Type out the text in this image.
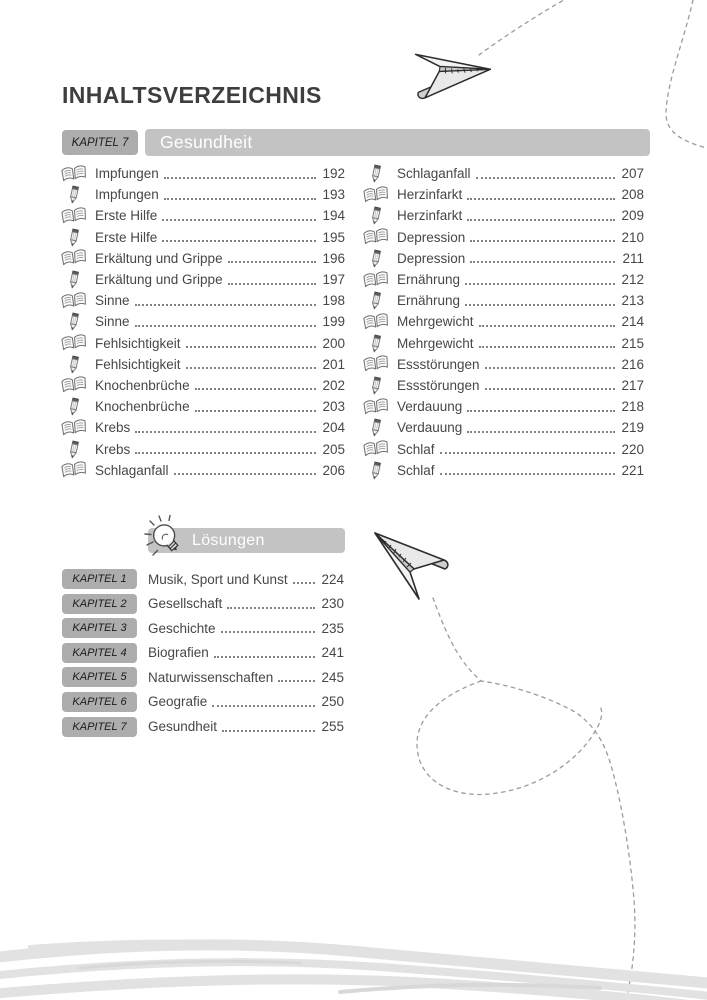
INHALTSVERZEICHNIS
KAPITEL 7	Gesundheit
Impfungen	192
Impfungen	193
Erste Hilfe	194
Erste Hilfe	195
Erkältung und Grippe	196
Erkältung und Grippe	197
Sinne	198
Sinne	199
Fehlsichtigkeit	200
Fehlsichtigkeit	201
Knochenbrüche	202
Knochenbrüche	203
Krebs	204
Krebs	205
Schlaganfall	206
Schlaganfall	207
Herzinfarkt	208
Herzinfarkt	209
Depression	210
Depression	211
Ernährung	212
Ernährung	213
Mehrgewicht	214
Mehrgewicht	215
Essstörungen	216
Essstörungen	217
Verdauung	218
Verdauung	219
Schlaf	220
Schlaf	221
Lösungen
KAPITEL 1	Musik, Sport und Kunst	224
KAPITEL 2	Gesellschaft	230
KAPITEL 3	Geschichte	235
KAPITEL 4	Biografien	241
KAPITEL 5	Naturwissenschaften	245
KAPITEL 6	Geografie	250
KAPITEL 7	Gesundheit	255
